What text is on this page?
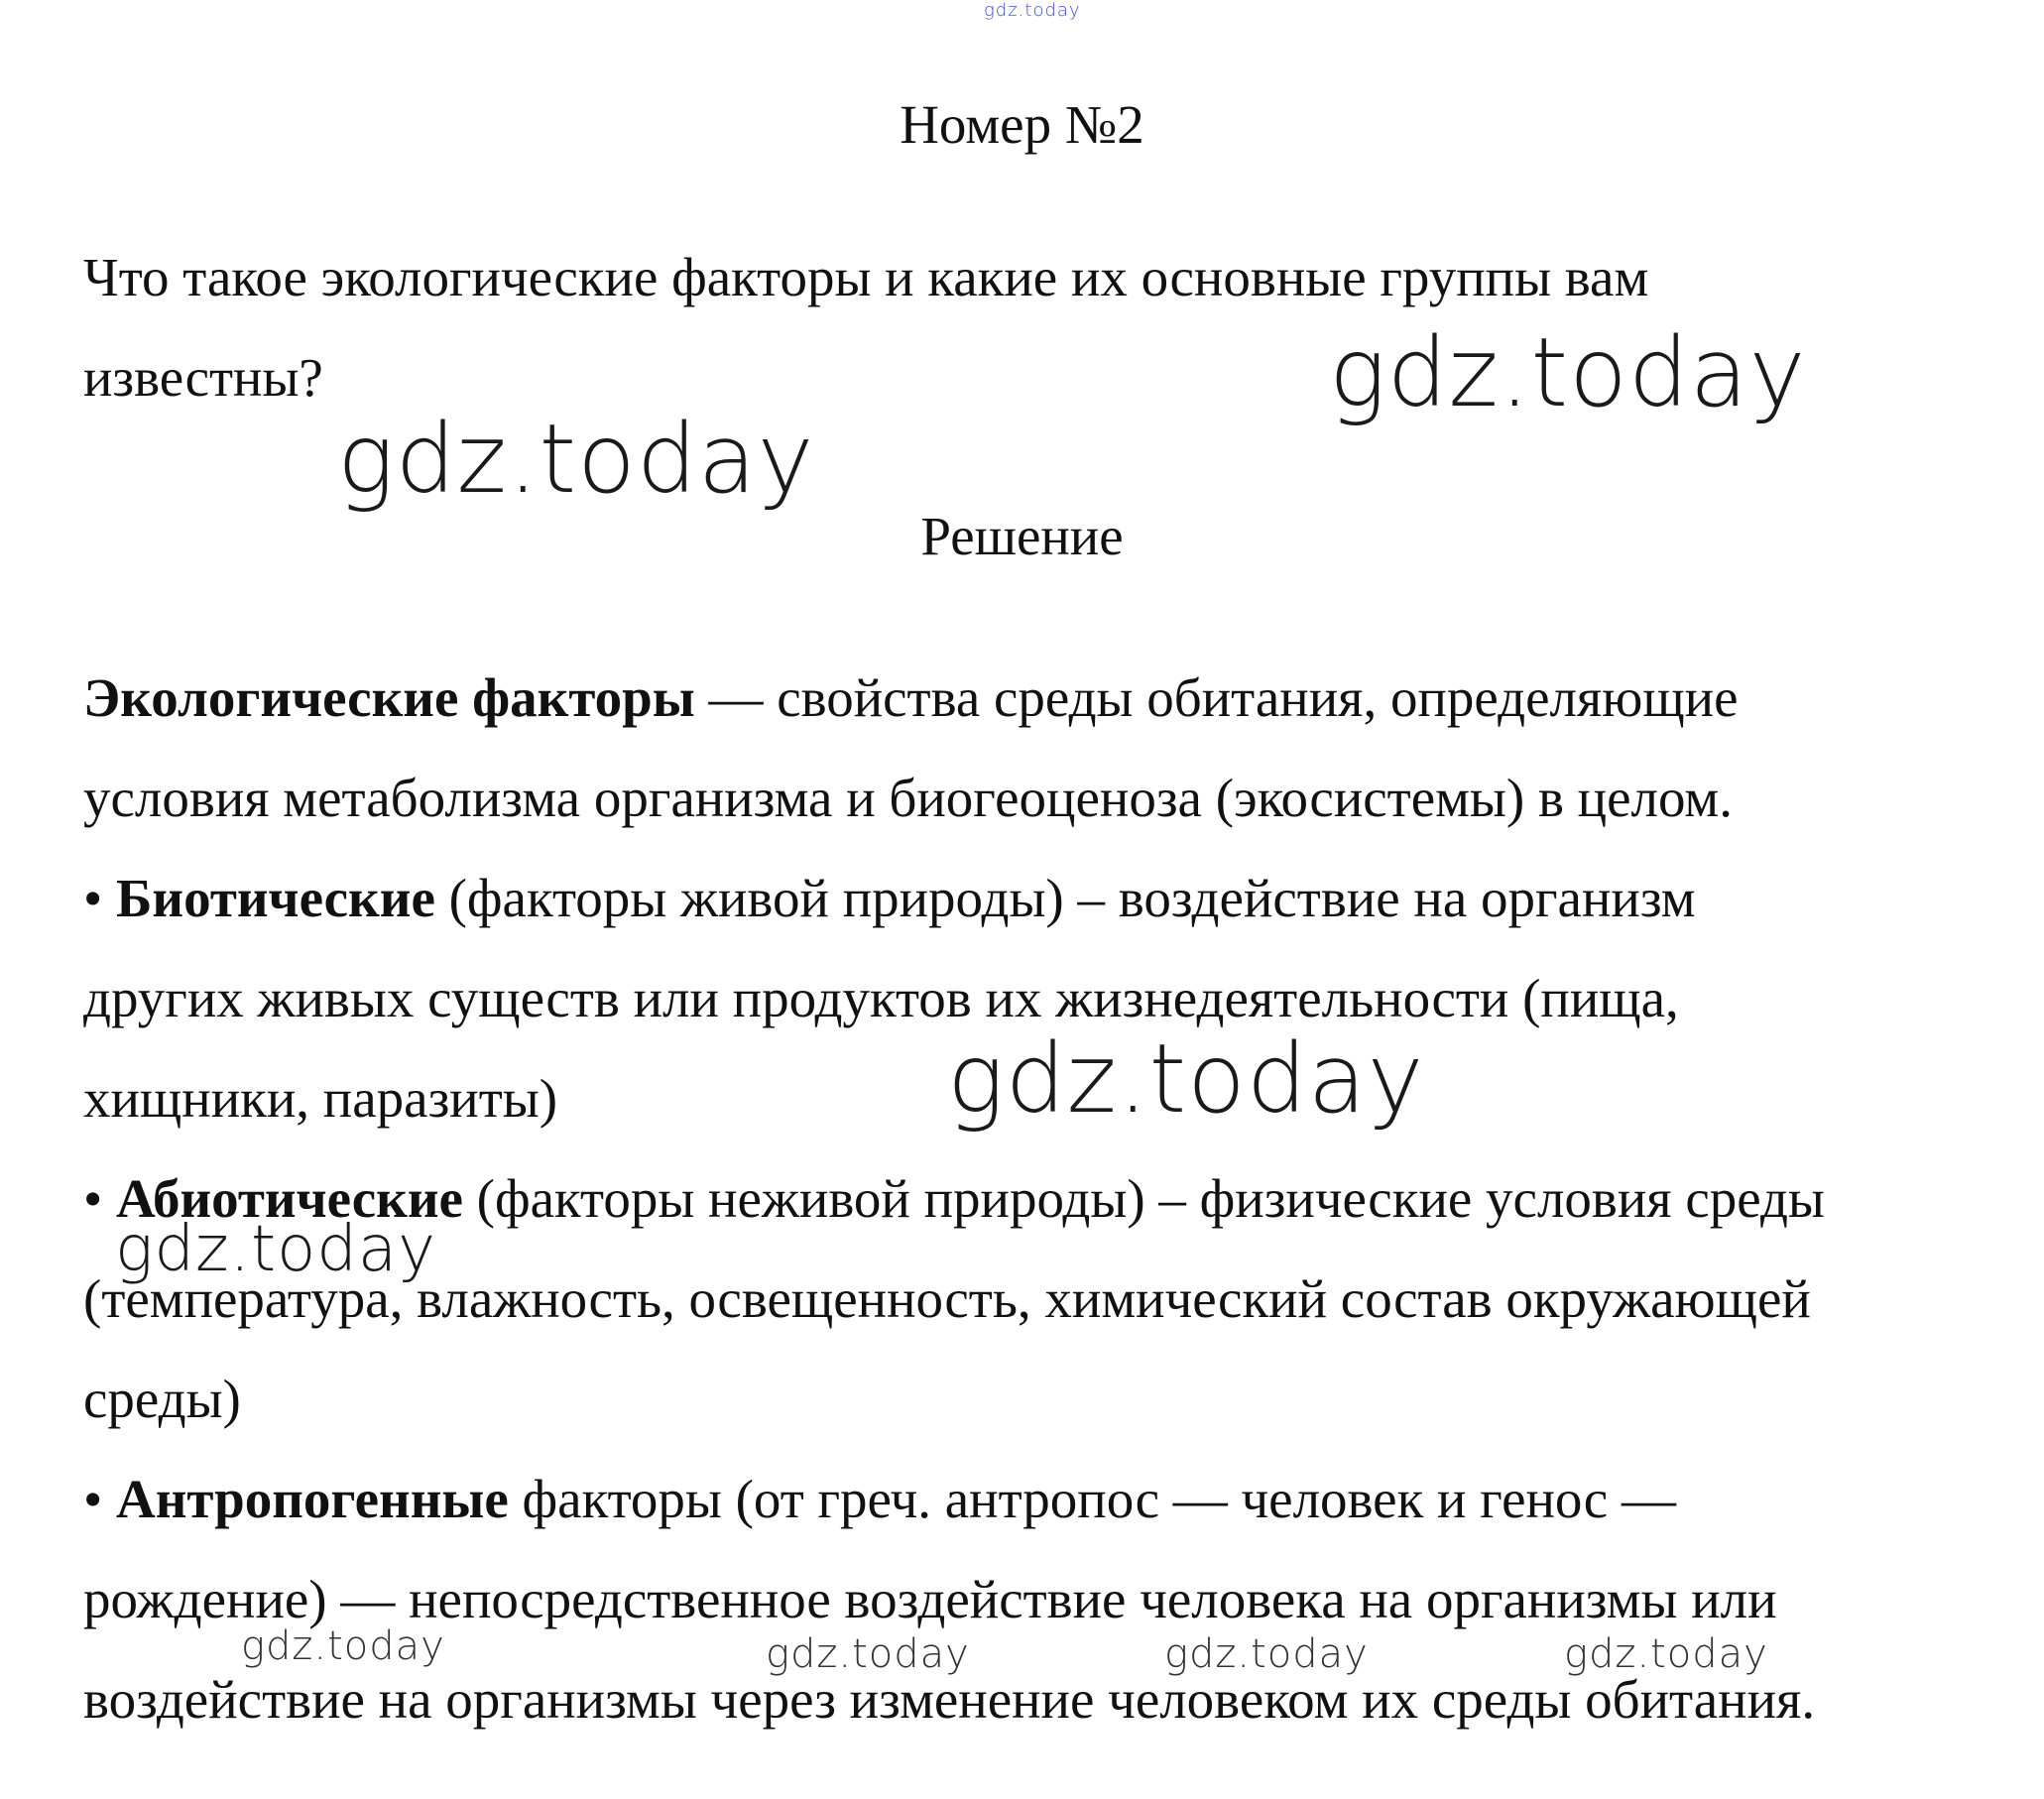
gdz.today
Номер №2
Что такое экологические факторы и какие их основные группы вам
известны?	gdz.today
gdz.today
Решение
Экологические факторы — свойства среды обитания, определяющие
условия метаболизма организма и биогеоценоза (экосистемы) в целом.
• Биотические (факторы живой природы) – воздействие на организм
других живых существ или продуктов их жизнедеятельности (пища,
хищники, паразиты)	gdz.today
• Абиотические (факторы неживой природы) – физические условия среды
gdz.today
(температура, влажность, освещенность, химический состав окружающей
среды)
• Антропогенные факторы (от греч. антропос — человек и генос —
рождение) — непосредственное воздействие человека на организмы или
gdz.today	gdz.today	gdz.today	gdz.today
воздействие на организмы через изменение человеком их среды обитания.
